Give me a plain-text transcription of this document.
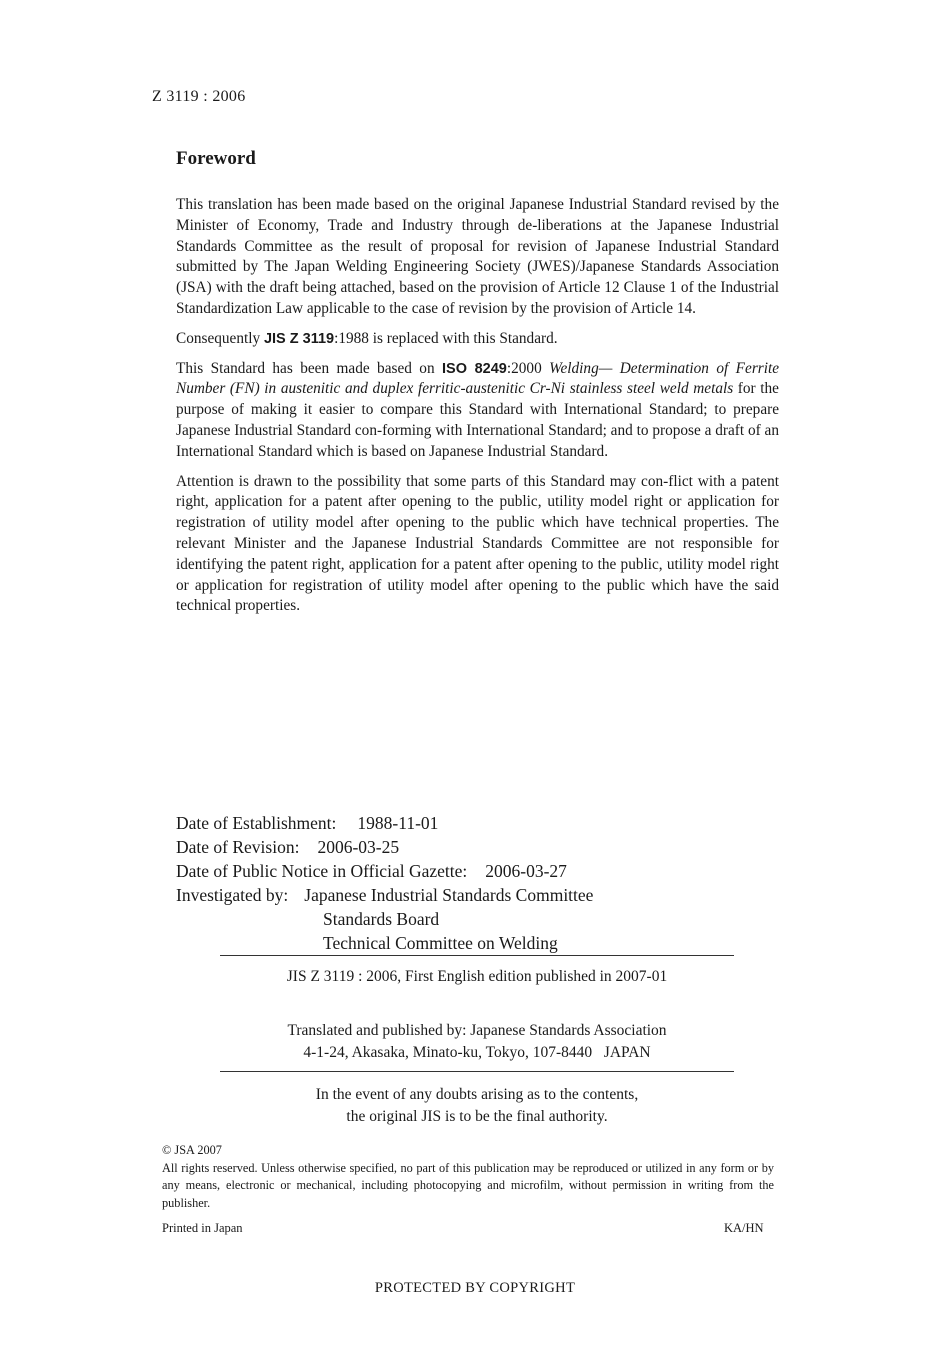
Z 3119 : 2006
Foreword

This translation has been made based on the original Japanese Industrial Standard revised by the Minister of Economy, Trade and Industry through de-liberations at the Japanese Industrial Standards Committee as the result of proposal for revision of Japanese Industrial Standard submitted by The Japan Welding Engineering Society (JWES)/Japanese Standards Association (JSA) with the draft being attached, based on the provision of Article 12 Clause 1 of the Industrial Standardization Law applicable to the case of revision by the provision of Article 14.

Consequently JIS Z 3119:1988 is replaced with this Standard.

This Standard has been made based on ISO 8249:2000 Welding— Determination of Ferrite Number (FN) in austenitic and duplex ferritic-austenitic Cr-Ni stainless steel weld metals for the purpose of making it easier to compare this Standard with International Standard; to prepare Japanese Industrial Standard con-forming with International Standard; and to propose a draft of an International Standard which is based on Japanese Industrial Standard.

Attention is drawn to the possibility that some parts of this Standard may con-flict with a patent right, application for a patent after opening to the public, utility model right or application for registration of utility model after opening to the public which have technical properties. The relevant Minister and the Japanese Industrial Standards Committee are not responsible for identifying the patent right, application for a patent after opening to the public, utility model right or application for registration of utility model after opening to the public which have the said technical properties.

Date of Establishment: 1988-11-01
Date of Revision: 2006-03-25
Date of Public Notice in Official Gazette: 2006-03-27
Investigated by: Japanese Industrial Standards Committee
Standards Board
Technical Committee on Welding
JIS Z 3119 : 2006, First English edition published in 2007-01
Translated and published by: Japanese Standards Association
4-1-24, Akasaka, Minato-ku, Tokyo, 107-8440   JAPAN
In the event of any doubts arising as to the contents,
the original JIS is to be the final authority.

© JSA 2007

All rights reserved. Unless otherwise specified, no part of this publication may be reproduced or utilized in any form or by any means, electronic or mechanical, including photocopying and microfilm, without permission in writing from the publisher.

Printed in Japan	KA/HN
PROTECTED BY COPYRIGHT
